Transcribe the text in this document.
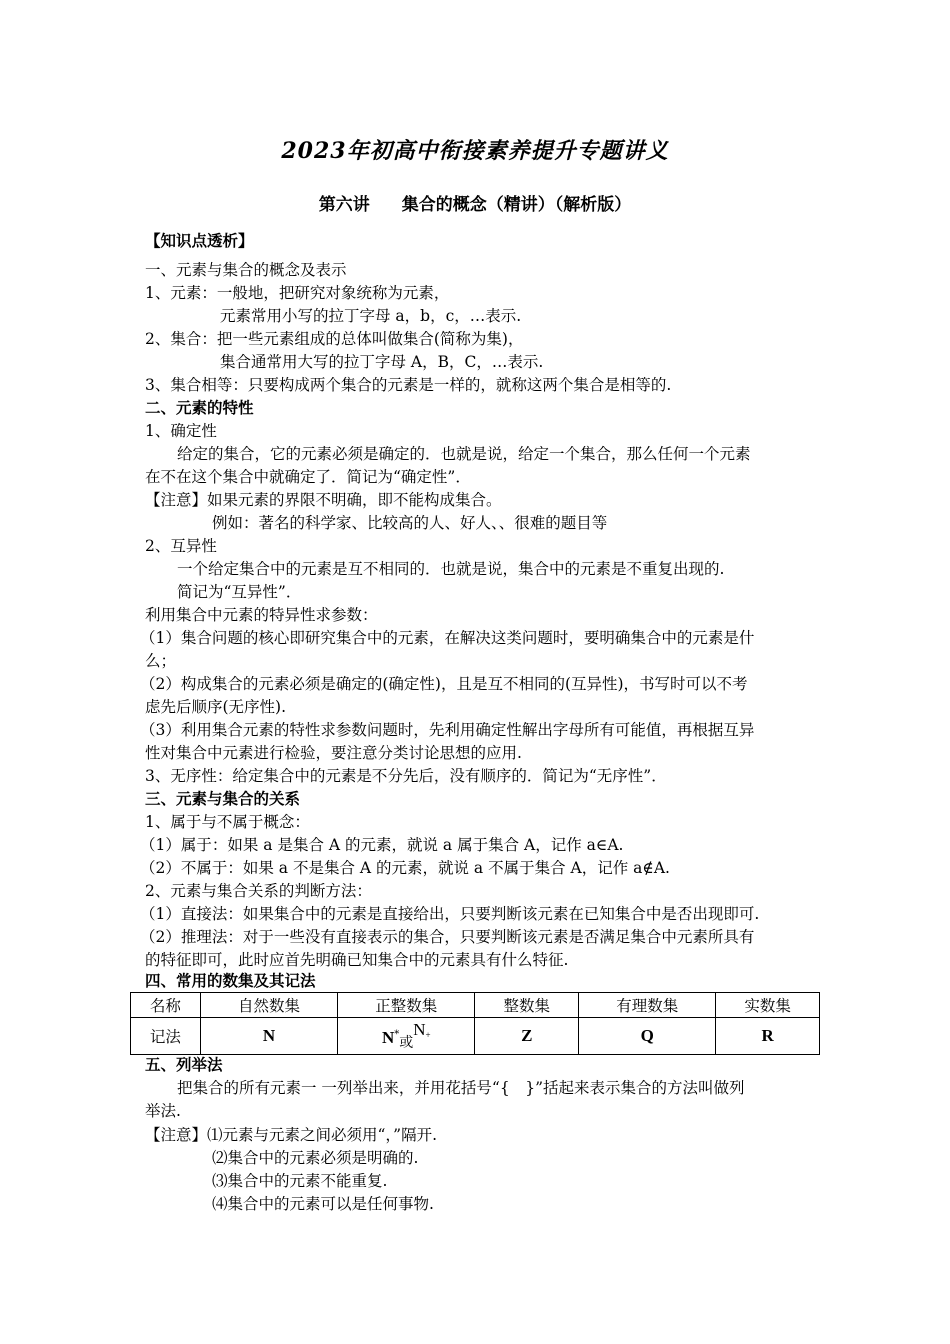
2023年初高中衔接素养提升专题讲义
第六讲 集合的概念（精讲）（解析版）
【知识点透析】
一、元素与集合的概念及表示
1、元素：一般地，把研究对象统称为元素，
元素常用小写的拉丁字母 a，b，c，…表示.
2、集合：把一些元素组成的总体叫做集合(简称为集)，
集合通常用大写的拉丁字母 A，B，C，…表示.
3、集合相等：只要构成两个集合的元素是一样的，就称这两个集合是相等的.
二、元素的特性
1、确定性
给定的集合，它的元素必须是确定的．也就是说，给定一个集合，那么任何一个元素
在不在这个集合中就确定了．简记为“确定性”．
【注意】如果元素的界限不明确，即不能构成集合。
例如：著名的科学家、比较高的人、好人、、很难的题目等
2、互异性
一个给定集合中的元素是互不相同的．也就是说，集合中的元素是不重复出现的.
简记为“互异性”．
利用集合中元素的特异性求参数：
（1）集合问题的核心即研究集合中的元素，在解决这类问题时，要明确集合中的元素是什
么；
（2）构成集合的元素必须是确定的(确定性)，且是互不相同的(互异性)，书写时可以不考
虑先后顺序(无序性).
（3）利用集合元素的特性求参数问题时，先利用确定性解出字母所有可能值，再根据互异
性对集合中元素进行检验，要注意分类讨论思想的应用.
3、无序性：给定集合中的元素是不分先后，没有顺序的．简记为“无序性”．
三、元素与集合的关系
1、属于与不属于概念：
（1）属于：如果 a 是集合 A 的元素，就说 a 属于集合 A，记作 a∈A.
（2）不属于：如果 a 不是集合 A 的元素，就说 a 不属于集合 A，记作 a∉A.
2、元素与集合关系的判断方法：
（1）直接法：如果集合中的元素是直接给出，只要判断该元素在已知集合中是否出现即可.
（2）推理法：对于一些没有直接表示的集合，只要判断该元素是否满足集合中元素所具有
的特征即可，此时应首先明确已知集合中的元素具有什么特征.
四、常用的数集及其记法
名称	自然数集	正整数集	整数集	有理数集	实数集
记法	N	N*或$N_+$	Z	Q	R
五、列举法
把集合的所有元素一 一列举出来，并用花括号“{　}”括起来表示集合的方法叫做列
举法.
【注意】⑴元素与元素之间必须用“，”隔开.
⑵集合中的元素必须是明确的.
⑶集合中的元素不能重复.
⑷集合中的元素可以是任何事物.
